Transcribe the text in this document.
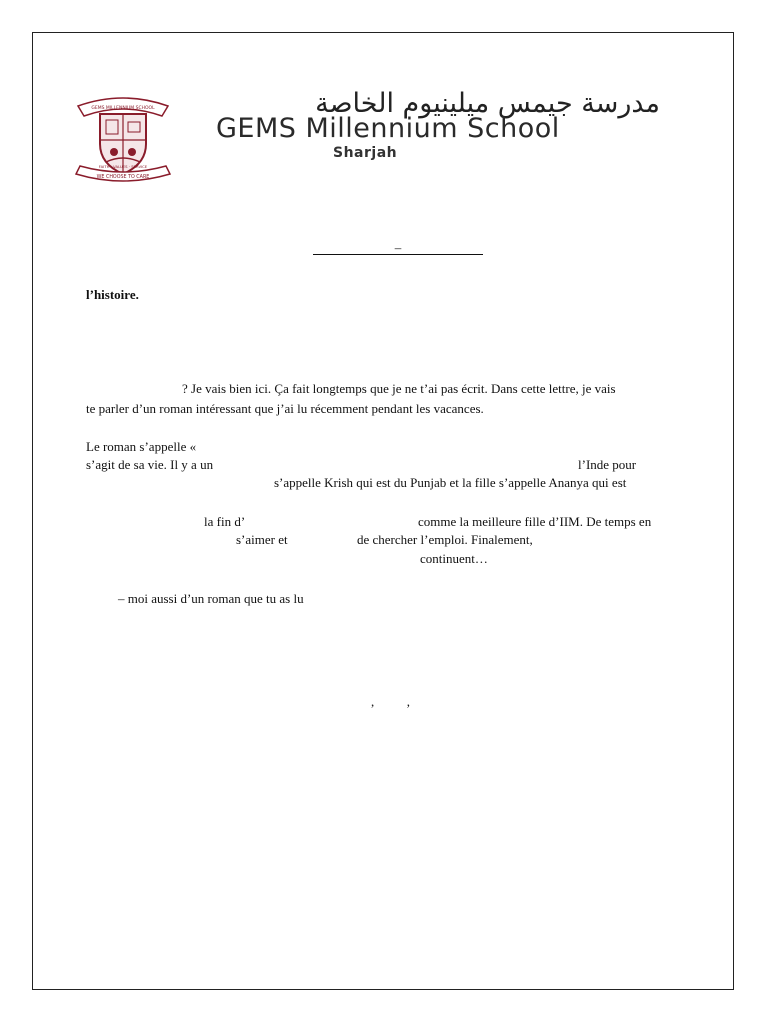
GEMS MILLENNIUM SCHOOL
FAITH · VALUES · SERVICE
WE CHOOSE TO CARE
مدرسة جيمس ميلينيوم الخاصة
GEMS Millennium School
Sharjah
–
l’histoire.
? Je vais bien ici. Ça fait longtemps que je ne t’ai pas écrit. Dans cette lettre, je vais
te parler d’un roman intéressant que j’ai lu récemment pendant les vacances.
Le roman s’appelle «
s’agit de sa vie. Il y a un	l’Inde pour
s’appelle Krish qui est du Punjab et la fille s’appelle Ananya qui est
la fin d’	comme la meilleure fille d’IIM. De temps en
s’aimer et	de chercher l’emploi. Finalement,
continuent…
– moi aussi d’un roman que tu as lu
,          ,
